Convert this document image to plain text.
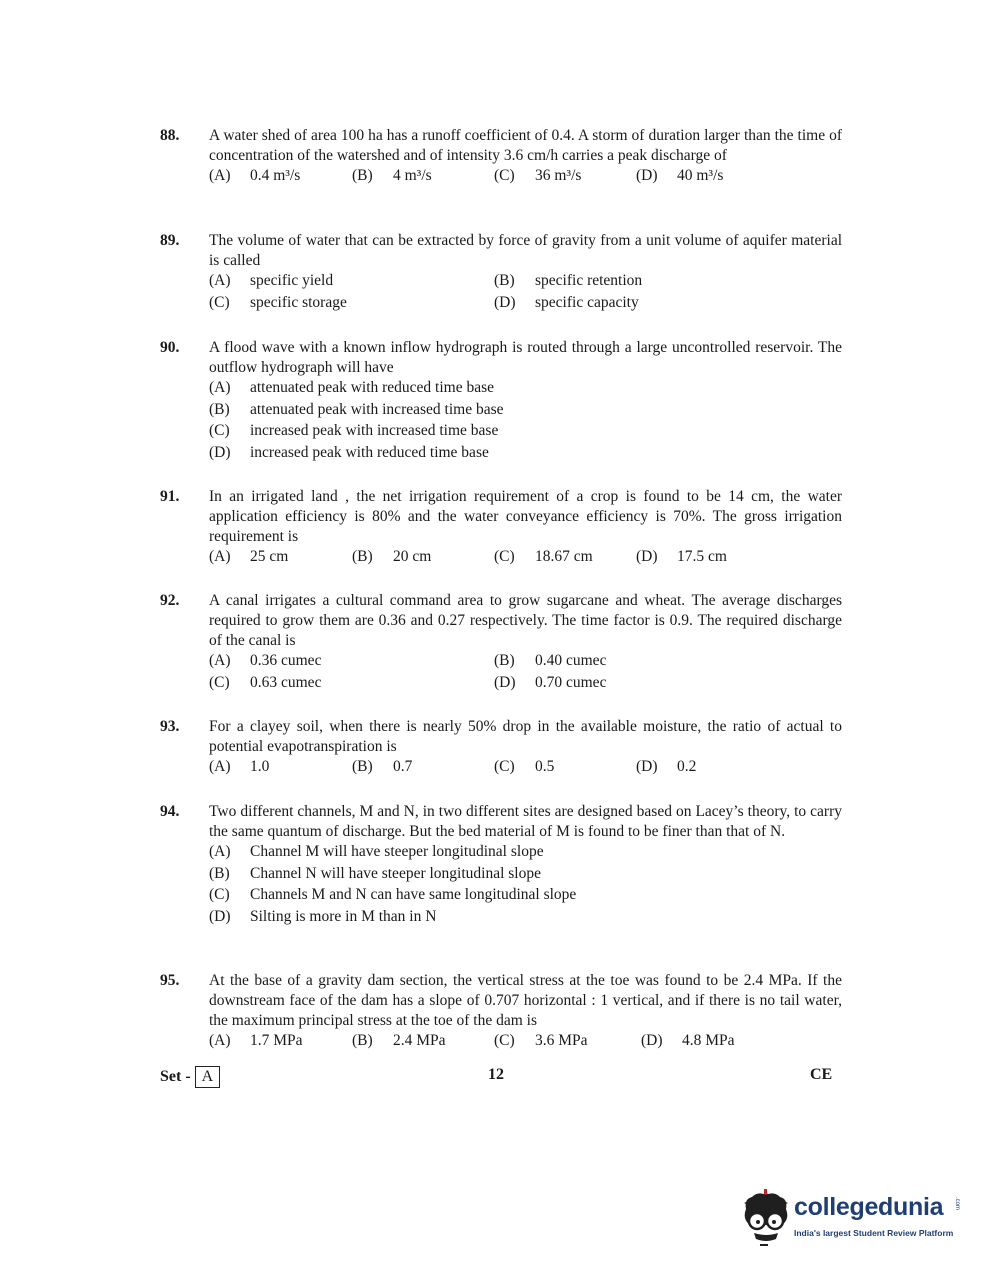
88. A water shed of area 100 ha has a runoff coefficient of 0.4. A storm of duration larger than the time of concentration of the watershed and of intensity 3.6 cm/h carries a peak discharge of
(A) 0.4 m³/s	(B) 4 m³/s	(C) 36 m³/s	(D) 40 m³/s
89. The volume of water that can be extracted by force of gravity from a unit volume of aquifer material is called
(A) specific yield	(B) specific retention
(C) specific storage	(D) specific capacity
90. A flood wave with a known inflow hydrograph is routed through a large uncontrolled reservoir. The outflow hydrograph will have
(A) attenuated peak with reduced time base
(B) attenuated peak with increased time base
(C) increased peak with increased time base
(D) increased peak with reduced time base
91. In an irrigated land , the net irrigation requirement of a crop is found to be 14 cm, the water application efficiency is 80% and the water conveyance efficiency is 70%. The gross irrigation requirement is
(A) 25 cm	(B) 20 cm	(C) 18.67 cm	(D) 17.5 cm
92. A canal irrigates a cultural command area to grow sugarcane and wheat. The average discharges required to grow them are 0.36 and 0.27 respectively. The time factor is 0.9. The required discharge of the canal is
(A) 0.36 cumec	(B) 0.40 cumec
(C) 0.63 cumec	(D) 0.70 cumec
93. For a clayey soil, when there is nearly 50% drop in the available moisture, the ratio of actual to potential evapotranspiration is
(A) 1.0	(B) 0.7	(C) 0.5	(D) 0.2
94. Two different channels, M and N, in two different sites are designed based on Lacey’s theory, to carry the same quantum of discharge. But the bed material of M is found to be finer than that of N.
(A) Channel M will have steeper longitudinal slope
(B) Channel N will have steeper longitudinal slope
(C) Channels M and N can have same longitudinal slope
(D) Silting is more in M than in N
95. At the base of a gravity dam section, the vertical stress at the toe was found to be 2.4 MPa. If the downstream face of the dam has a slope of 0.707 horizontal : 1 vertical, and if there is no tail water, the maximum principal stress at the toe of the dam is
(A) 1.7 MPa	(B) 2.4 MPa	(C) 3.6 MPa	(D) 4.8 MPa
Set - A	12	CE
collegedunia .com
India's largest Student Review Platform
